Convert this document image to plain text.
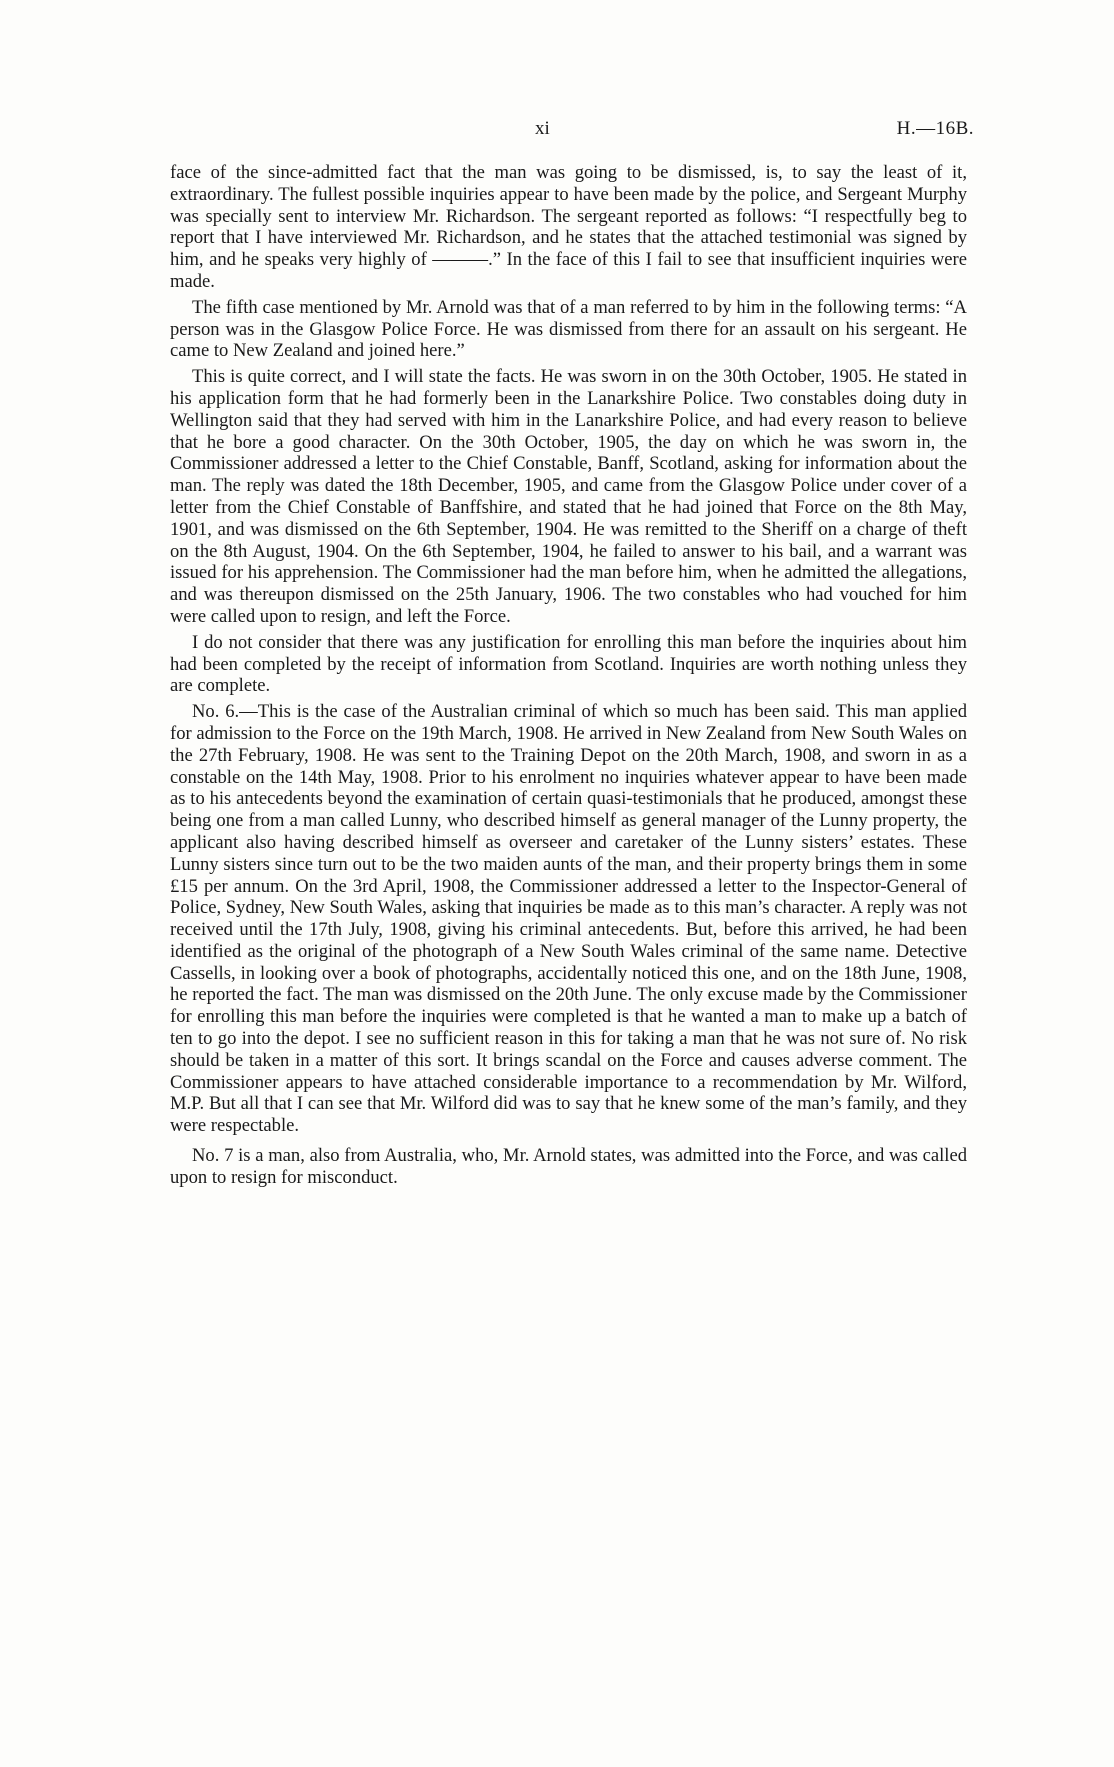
xi	H.—16B.

face of the since-admitted fact that the man was going to be dismissed, is, to say the least of it, extraordinary. The fullest possible inquiries appear to have been made by the police, and Sergeant Murphy was specially sent to interview Mr. Richardson. The sergeant reported as follows: “I respectfully beg to report that I have interviewed Mr. Richardson, and he states that the attached testimonial was signed by him, and he speaks very highly of ———.” In the face of this I fail to see that insufficient inquiries were made.

The fifth case mentioned by Mr. Arnold was that of a man referred to by him in the following terms: “A person was in the Glasgow Police Force. He was dismissed from there for an assault on his sergeant. He came to New Zealand and joined here.”

This is quite correct, and I will state the facts. He was sworn in on the 30th October, 1905. He stated in his application form that he had formerly been in the Lanarkshire Police. Two constables doing duty in Wellington said that they had served with him in the Lanarkshire Police, and had every reason to believe that he bore a good character. On the 30th October, 1905, the day on which he was sworn in, the Commissioner addressed a letter to the Chief Constable, Banff, Scotland, asking for information about the man. The reply was dated the 18th December, 1905, and came from the Glasgow Police under cover of a letter from the Chief Constable of Banffshire, and stated that he had joined that Force on the 8th May, 1901, and was dismissed on the 6th September, 1904. He was remitted to the Sheriff on a charge of theft on the 8th August, 1904. On the 6th September, 1904, he failed to answer to his bail, and a warrant was issued for his apprehension. The Commissioner had the man before him, when he admitted the allegations, and was thereupon dismissed on the 25th January, 1906. The two constables who had vouched for him were called upon to resign, and left the Force.

I do not consider that there was any justification for enrolling this man before the inquiries about him had been completed by the receipt of information from Scotland. Inquiries are worth nothing unless they are complete.

No. 6.—This is the case of the Australian criminal of which so much has been said. This man applied for admission to the Force on the 19th March, 1908. He arrived in New Zealand from New South Wales on the 27th February, 1908. He was sent to the Training Depot on the 20th March, 1908, and sworn in as a constable on the 14th May, 1908. Prior to his enrolment no inquiries whatever appear to have been made as to his antecedents beyond the examination of certain quasi-testimonials that he produced, amongst these being one from a man called Lunny, who described himself as general manager of the Lunny property, the applicant also having described himself as overseer and caretaker of the Lunny sisters’ estates. These Lunny sisters since turn out to be the two maiden aunts of the man, and their property brings them in some £15 per annum. On the 3rd April, 1908, the Commissioner addressed a letter to the Inspector-General of Police, Sydney, New South Wales, asking that inquiries be made as to this man’s character. A reply was not received until the 17th July, 1908, giving his criminal antecedents. But, before this arrived, he had been identified as the original of the photograph of a New South Wales criminal of the same name. Detective Cassells, in looking over a book of photographs, accidentally noticed this one, and on the 18th June, 1908, he reported the fact. The man was dismissed on the 20th June. The only excuse made by the Commissioner for enrolling this man before the inquiries were completed is that he wanted a man to make up a batch of ten to go into the depot. I see no sufficient reason in this for taking a man that he was not sure of. No risk should be taken in a matter of this sort. It brings scandal on the Force and causes adverse comment. The Commissioner appears to have attached considerable importance to a recommendation by Mr. Wilford, M.P. But all that I can see that Mr. Wilford did was to say that he knew some of the man’s family, and they were respectable.

No. 7 is a man, also from Australia, who, Mr. Arnold states, was admitted into the Force, and was called upon to resign for misconduct.
